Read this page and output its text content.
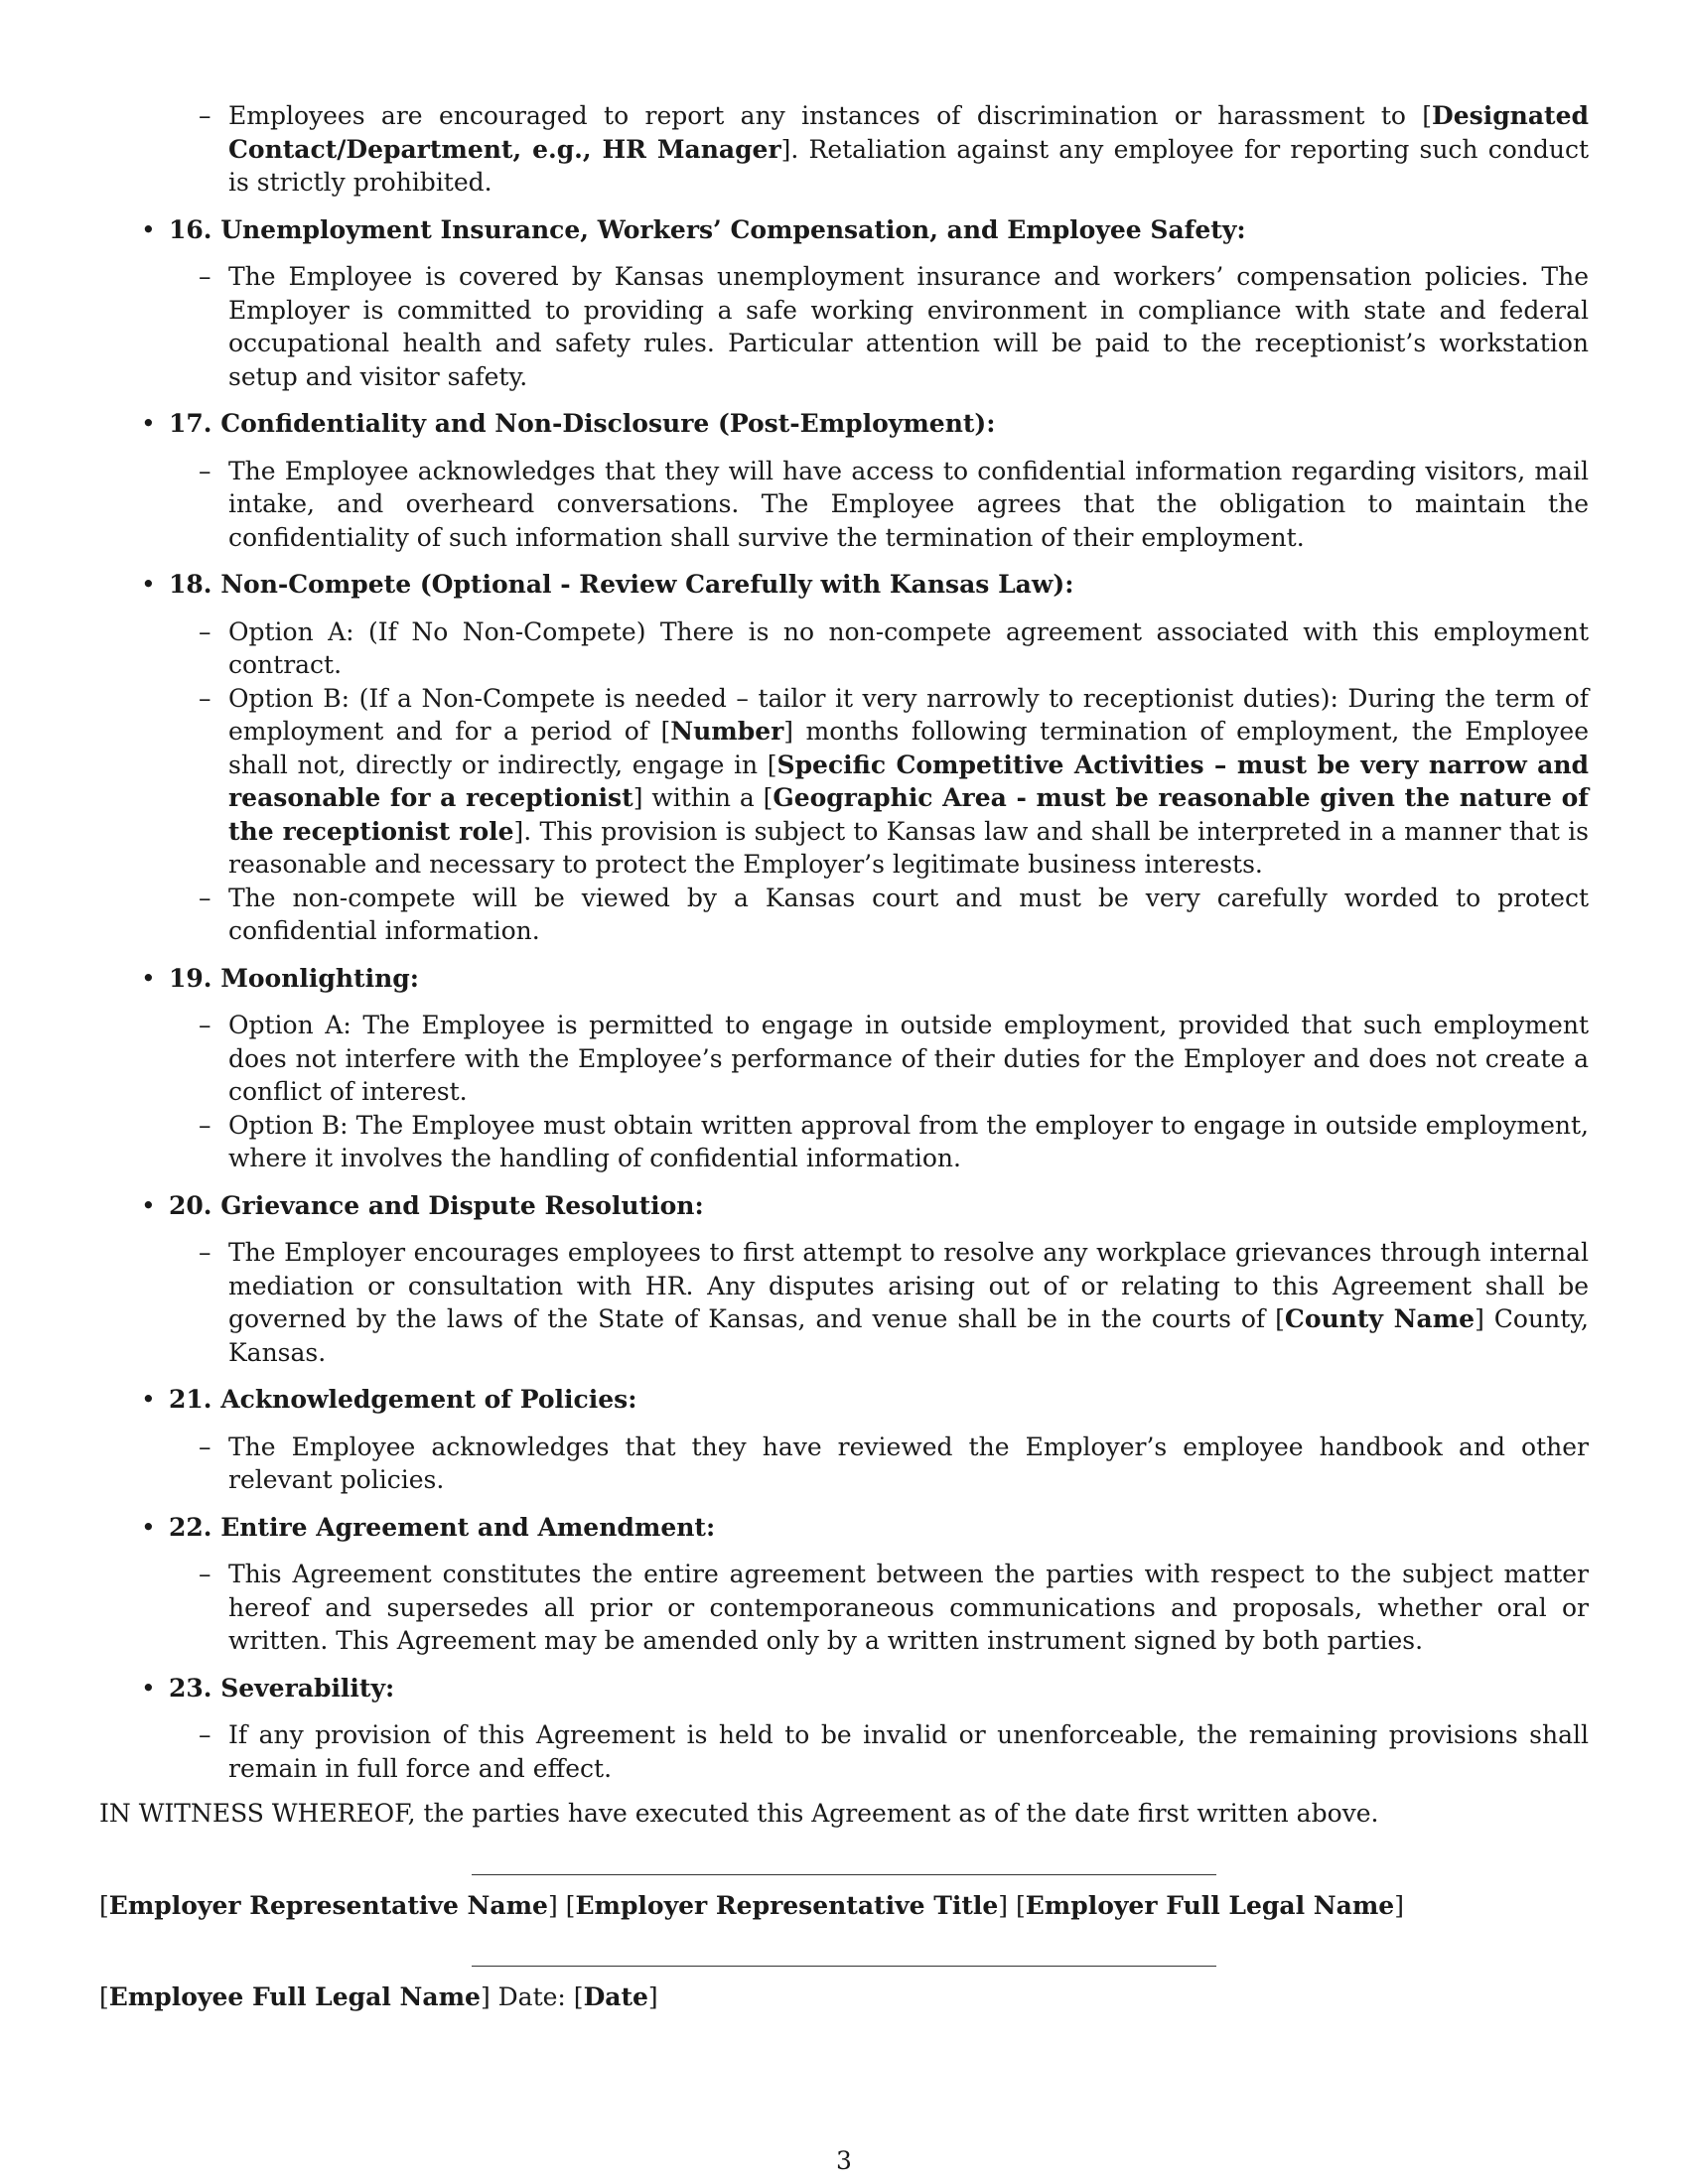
– Employees are encouraged to report any instances of discrimination or harassment to [Designated Contact/Department, e.g., HR Manager]. Retaliation against any employee for reporting such conduct is strictly prohibited.
• 16. Unemployment Insurance, Workers’ Compensation, and Employee Safety:
– The Employee is covered by Kansas unemployment insurance and workers’ compensation policies. The Employer is committed to providing a safe working environment in compliance with state and federal occupational health and safety rules. Particular attention will be paid to the receptionist’s workstation setup and visitor safety.
• 17. Confidentiality and Non-Disclosure (Post-Employment):
– The Employee acknowledges that they will have access to confidential information regarding visitors, mail intake, and overheard conversations. The Employee agrees that the obligation to maintain the confidentiality of such information shall survive the termination of their employment.
• 18. Non-Compete (Optional - Review Carefully with Kansas Law):
– Option A: (If No Non-Compete) There is no non-compete agreement associated with this employment contract.
– Option B: (If a Non-Compete is needed – tailor it very narrowly to receptionist duties): During the term of employment and for a period of [Number] months following termination of employment, the Employee shall not, directly or indirectly, engage in [Specific Competitive Activities – must be very narrow and reasonable for a receptionist] within a [Geographic Area - must be reasonable given the nature of the receptionist role]. This provision is subject to Kansas law and shall be interpreted in a manner that is reasonable and necessary to protect the Employer’s legitimate business interests.
– The non-compete will be viewed by a Kansas court and must be very carefully worded to protect confidential information.
• 19. Moonlighting:
– Option A: The Employee is permitted to engage in outside employment, provided that such employment does not interfere with the Employee’s performance of their duties for the Employer and does not create a conflict of interest.
– Option B: The Employee must obtain written approval from the employer to engage in outside employment, where it involves the handling of confidential information.
• 20. Grievance and Dispute Resolution:
– The Employer encourages employees to first attempt to resolve any workplace grievances through internal mediation or consultation with HR. Any disputes arising out of or relating to this Agreement shall be governed by the laws of the State of Kansas, and venue shall be in the courts of [County Name] County, Kansas.
• 21. Acknowledgement of Policies:
– The Employee acknowledges that they have reviewed the Employer’s employee handbook and other relevant policies.
• 22. Entire Agreement and Amendment:
– This Agreement constitutes the entire agreement between the parties with respect to the subject matter hereof and supersedes all prior or contemporaneous communications and proposals, whether oral or written. This Agreement may be amended only by a written instrument signed by both parties.
• 23. Severability:
– If any provision of this Agreement is held to be invalid or unenforceable, the remaining provisions shall remain in full force and effect.
IN WITNESS WHEREOF, the parties have executed this Agreement as of the date first written above.
[Employer Representative Name] [Employer Representative Title] [Employer Full Legal Name]
[Employee Full Legal Name] Date: [Date]
3
